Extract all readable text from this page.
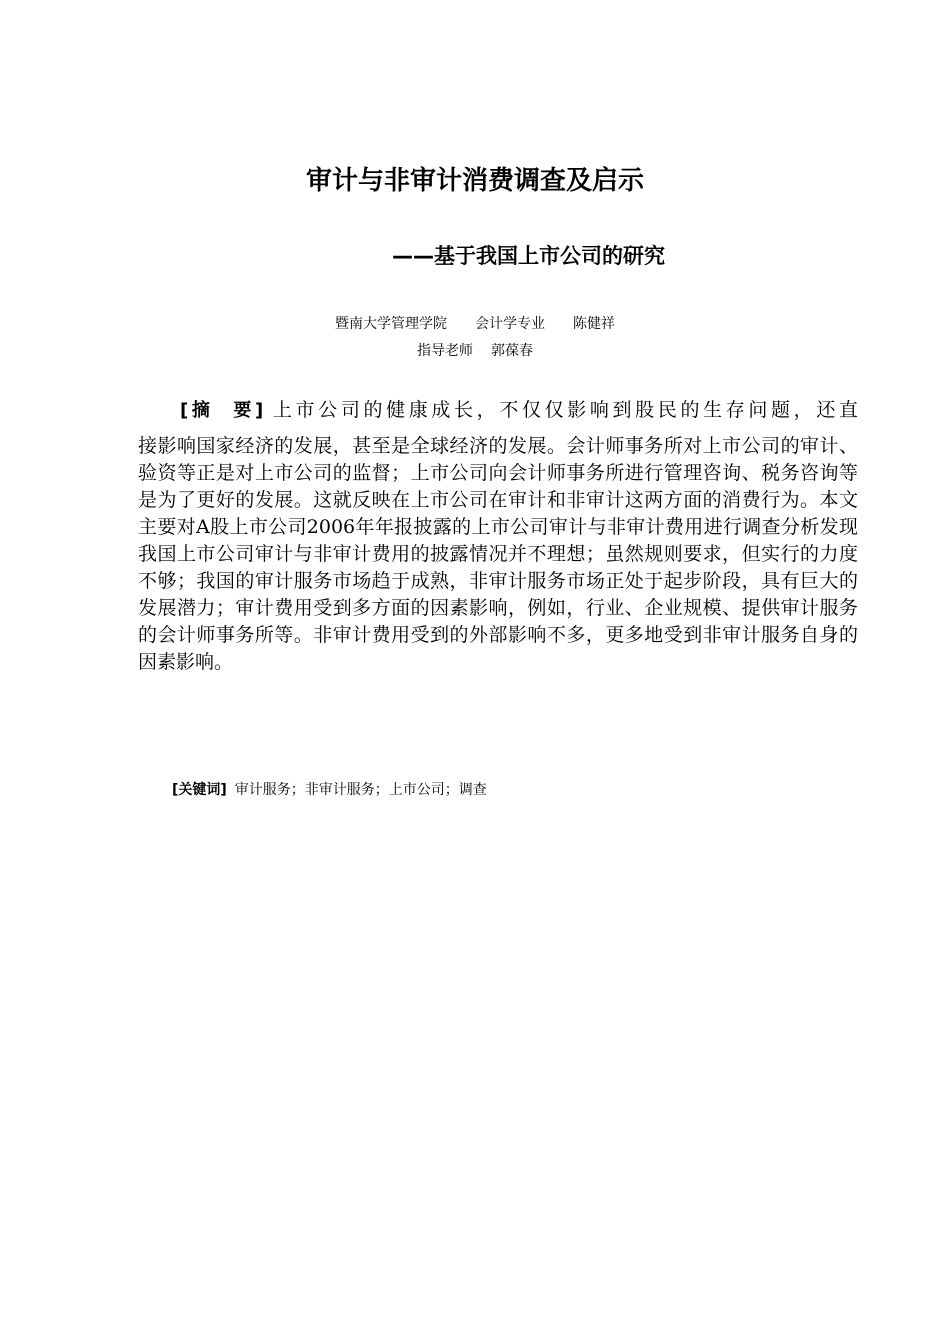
审计与非审计消费调查及启示
——基于我国上市公司的研究
暨南大学管理学院 会计学专业 陈健祥
指导老师 郭葆春
[摘  要] 上市公司的健康成长，不仅仅影响到股民的生存问题，还直
接影响国家经济的发展，甚至是全球经济的发展。会计师事务所对上市公司的审计、验资等正是对上市公司的监督；上市公司向会计师事务所进行管理咨询、税务咨询等是为了更好的发展。这就反映在上市公司在审计和非审计这两方面的消费行为。本文主要对A股上市公司2006年年报披露的上市公司审计与非审计费用进行调查分析发现我国上市公司审计与非审计费用的披露情况并不理想；虽然规则要求，但实行的力度不够；我国的审计服务市场趋于成熟，非审计服务市场正处于起步阶段，具有巨大的发展潜力；审计费用受到多方面的因素影响，例如，行业、企业规模、提供审计服务的会计师事务所等。非审计费用受到的外部影响不多，更多地受到非审计服务自身的因素影响。
[关键词] 审计服务；非审计服务；上市公司；调查
